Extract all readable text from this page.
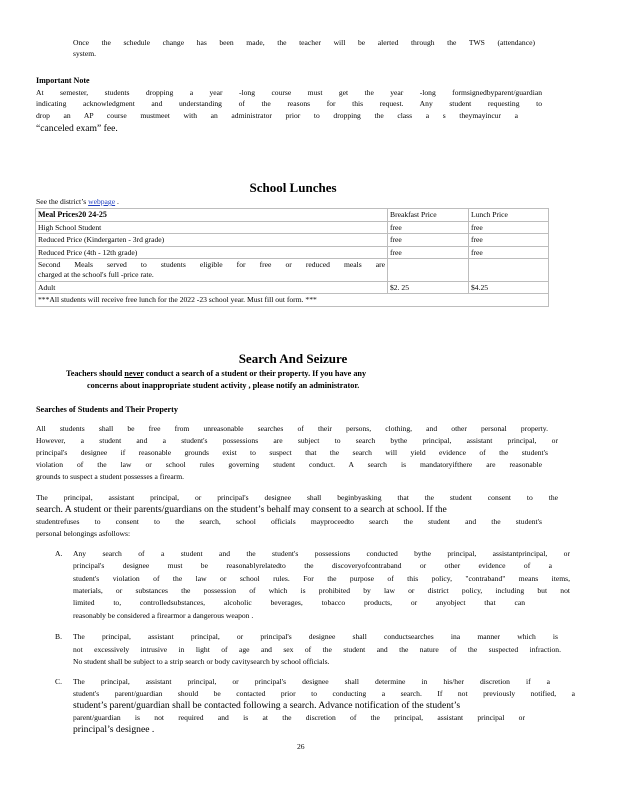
Once the schedule change has been made, the teacher will be alerted through the TWS (attendance)
system.
Important Note
At semester, students dropping a year -long course must get the year -long formsignedbyparent/guardian
indicating acknowledgment and understanding of the reasons for this request. Any student requesting to
drop an AP course mustmeet with an administrator prior to dropping the class a s theymayincur a
“canceled exam” fee.
School Lunches
See the district’s webpage .
Meal Prices20 24-25	Breakfast Price	Lunch Price
High School Student	free	free
Reduced Price (Kindergarten - 3rd grade)	free	free
Reduced Price (4th - 12th grade)	free	free

Second Meals served to students eligible for free or reduced meals are
charged at the school's full -price rate.		

Adult	$2. 25	$4.25
***All students will receive free lunch for the 2022 -23 school year. Must fill out form. ***		
Search And Seizure
Teachers should never conduct a search of a student or their property. If you have any
concerns about inappropriate student activity , please notify an administrator.
Searches of Students and Their Property
All students shall be free from unreasonable searches of their persons, clothing, and other personal property.
However, a student and a student's possessions are subject to search bythe principal, assistant principal, or
principal's designee if reasonable grounds exist to suspect that the search will yield evidence of the student's
violation of the law or school rules governing student conduct. A search is mandatoryifthere are reasonable
grounds to suspect a student possesses a firearm.
The principal, assistant principal, or principal's designee shall beginbyasking that the student consent to the
search. A student or their parents/guardians on the student’s behalf may consent to a search at school. If the
studentrefuses to consent to the search, school officials mayproceedto search the student and the student's
personal belongings asfollows:
A. Any search of a student and the student's possessions conducted bythe principal, assistantprincipal, or
principal's designee must be reasonablyrelatedto the discoveryofcontraband or other evidence of a
student's violation of the law or school rules. For the purpose of this policy, "contraband" means items,
materials, or substances the possession of which is prohibited by law or district policy, including but not
limited to, controlledsubstances, alcoholic beverages, tobacco products, or anyobject that can
reasonably be considered a firearmor a dangerous weapon .
B. The principal, assistant principal, or principal's designee shall conductsearches ina manner which is
not excessively intrusive in light of age and sex of the student and the nature of the suspected infraction.
No student shall be subject to a strip search or body cavitysearch by school officials.
C. The principal, assistant principal, or principal's designee shall determine in his/her discretion if a
student's parent/guardian should be contacted prior to conducting a search. If not previously notified, a
student’s parent/guardian shall be contacted following a search. Advance notification of the student’s
parent/guardian is not required and is at the discretion of the principal, assistant principal or
principal’s designee .
26
